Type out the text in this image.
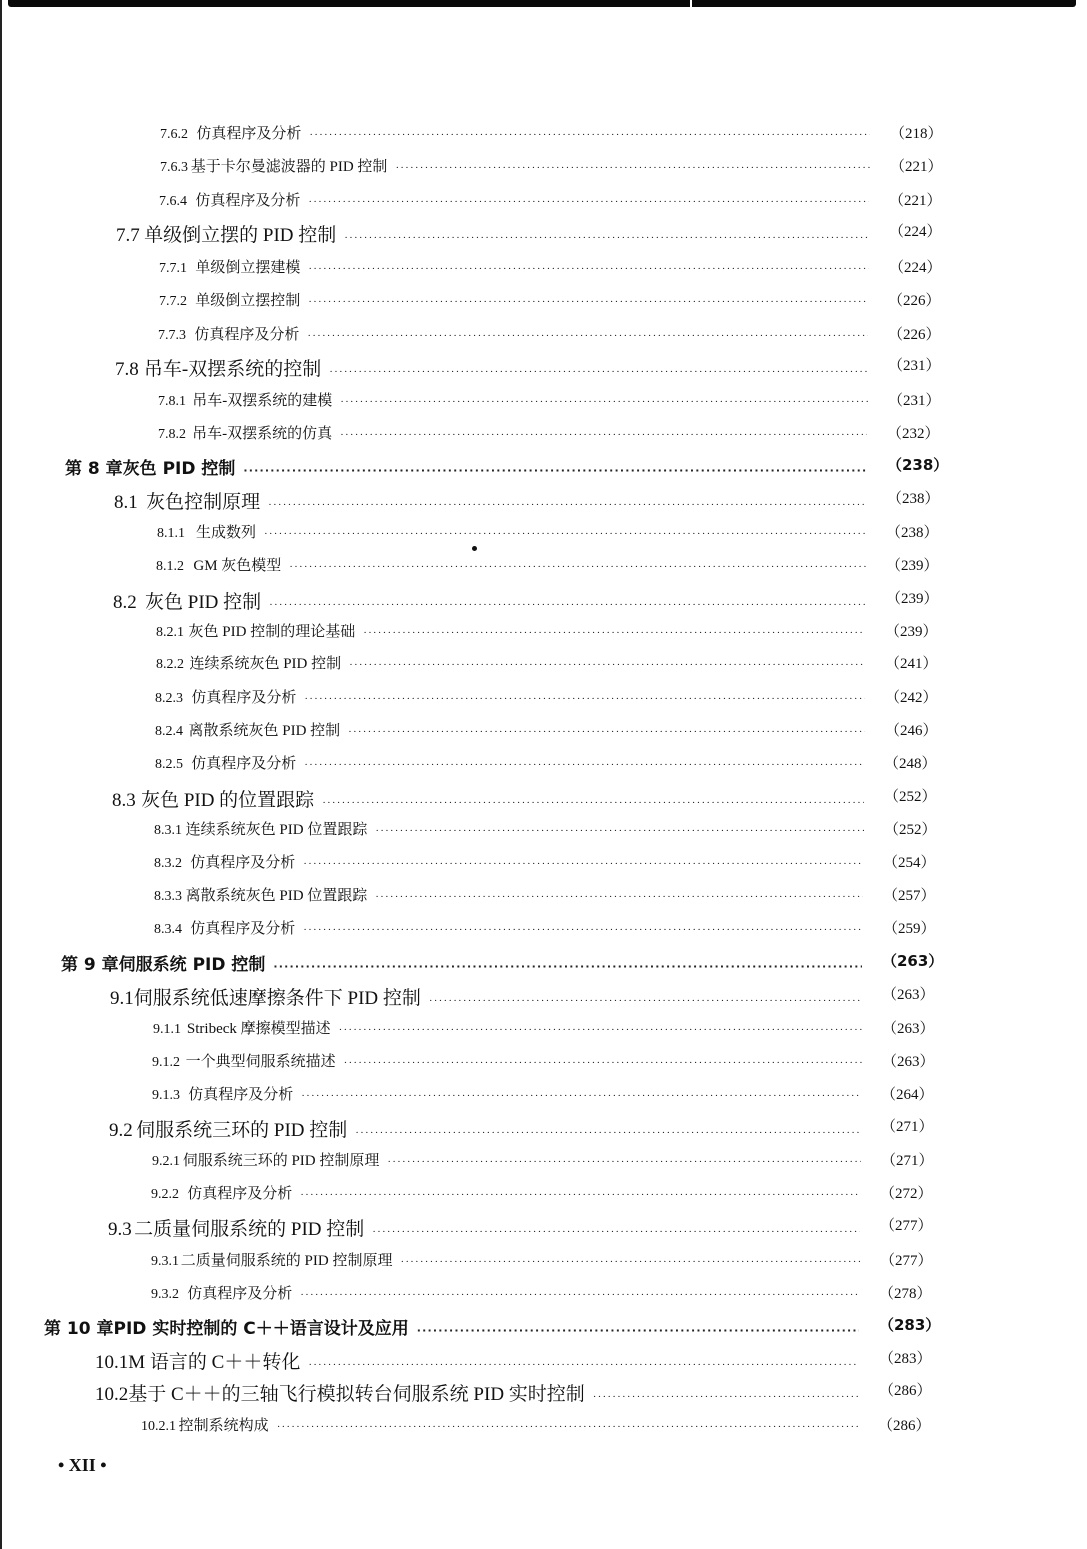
7.6.2 仿真程序及分析 ·····	（218）
7.6.3 基于卡尔曼滤波器的 PID 控制 ·····	（221）
7.6.4 仿真程序及分析 ·····	（221）
7.7 单级倒立摆的 PID 控制 ·····	（224）
7.7.1 单级倒立摆建模 ·····	（224）
7.7.2 单级倒立摆控制 ·····	（226）
7.7.3 仿真程序及分析 ·····	（226）
7.8 吊车-双摆系统的控制 ·····	（231）
7.8.1 吊车-双摆系统的建模 ·····	（231）
7.8.2 吊车-双摆系统的仿真 ·····	（232）
第 8 章 灰色 PID 控制 ·····	（238）
8.1 灰色控制原理 ·····	（238）
8.1.1 生成数列 ·····	（238）
8.1.2 GM 灰色模型 ·····	（239）
8.2 灰色 PID 控制 ·····	（239）
8.2.1 灰色 PID 控制的理论基础 ·····	（239）
8.2.2 连续系统灰色 PID 控制 ·····	（241）
8.2.3 仿真程序及分析 ·····	（242）
8.2.4 离散系统灰色 PID 控制 ·····	（246）
8.2.5 仿真程序及分析 ·····	（248）
8.3 灰色 PID 的位置跟踪 ·····	（252）
8.3.1 连续系统灰色 PID 位置跟踪 ·····	（252）
8.3.2 仿真程序及分析 ·····	（254）
8.3.3 离散系统灰色 PID 位置跟踪 ·····	（257）
8.3.4 仿真程序及分析 ·····	（259）
第 9 章 伺服系统 PID 控制 ·····	（263）
9.1 伺服系统低速摩擦条件下 PID 控制 ·····	（263）
9.1.1 Stribeck 摩擦模型描述 ·····	（263）
9.1.2 一个典型伺服系统描述 ·····	（263）
9.1.3 仿真程序及分析 ·····	（264）
9.2 伺服系统三环的 PID 控制 ·····	（271）
9.2.1 伺服系统三环的 PID 控制原理 ·····	（271）
9.2.2 仿真程序及分析 ·····	（272）
9.3 二质量伺服系统的 PID 控制 ·····	（277）
9.3.1 二质量伺服系统的 PID 控制原理 ·····	（277）
9.3.2 仿真程序及分析 ·····	（278）
第 10 章 PID 实时控制的 C＋＋语言设计及应用 ·····	（283）
10.1 M 语言的 C＋＋转化 ·····	（283）
10.2 基于 C＋＋的三轴飞行模拟转台伺服系统 PID 实时控制 ·····	（286）
10.2.1 控制系统构成 ·····	（286）
• XII •
